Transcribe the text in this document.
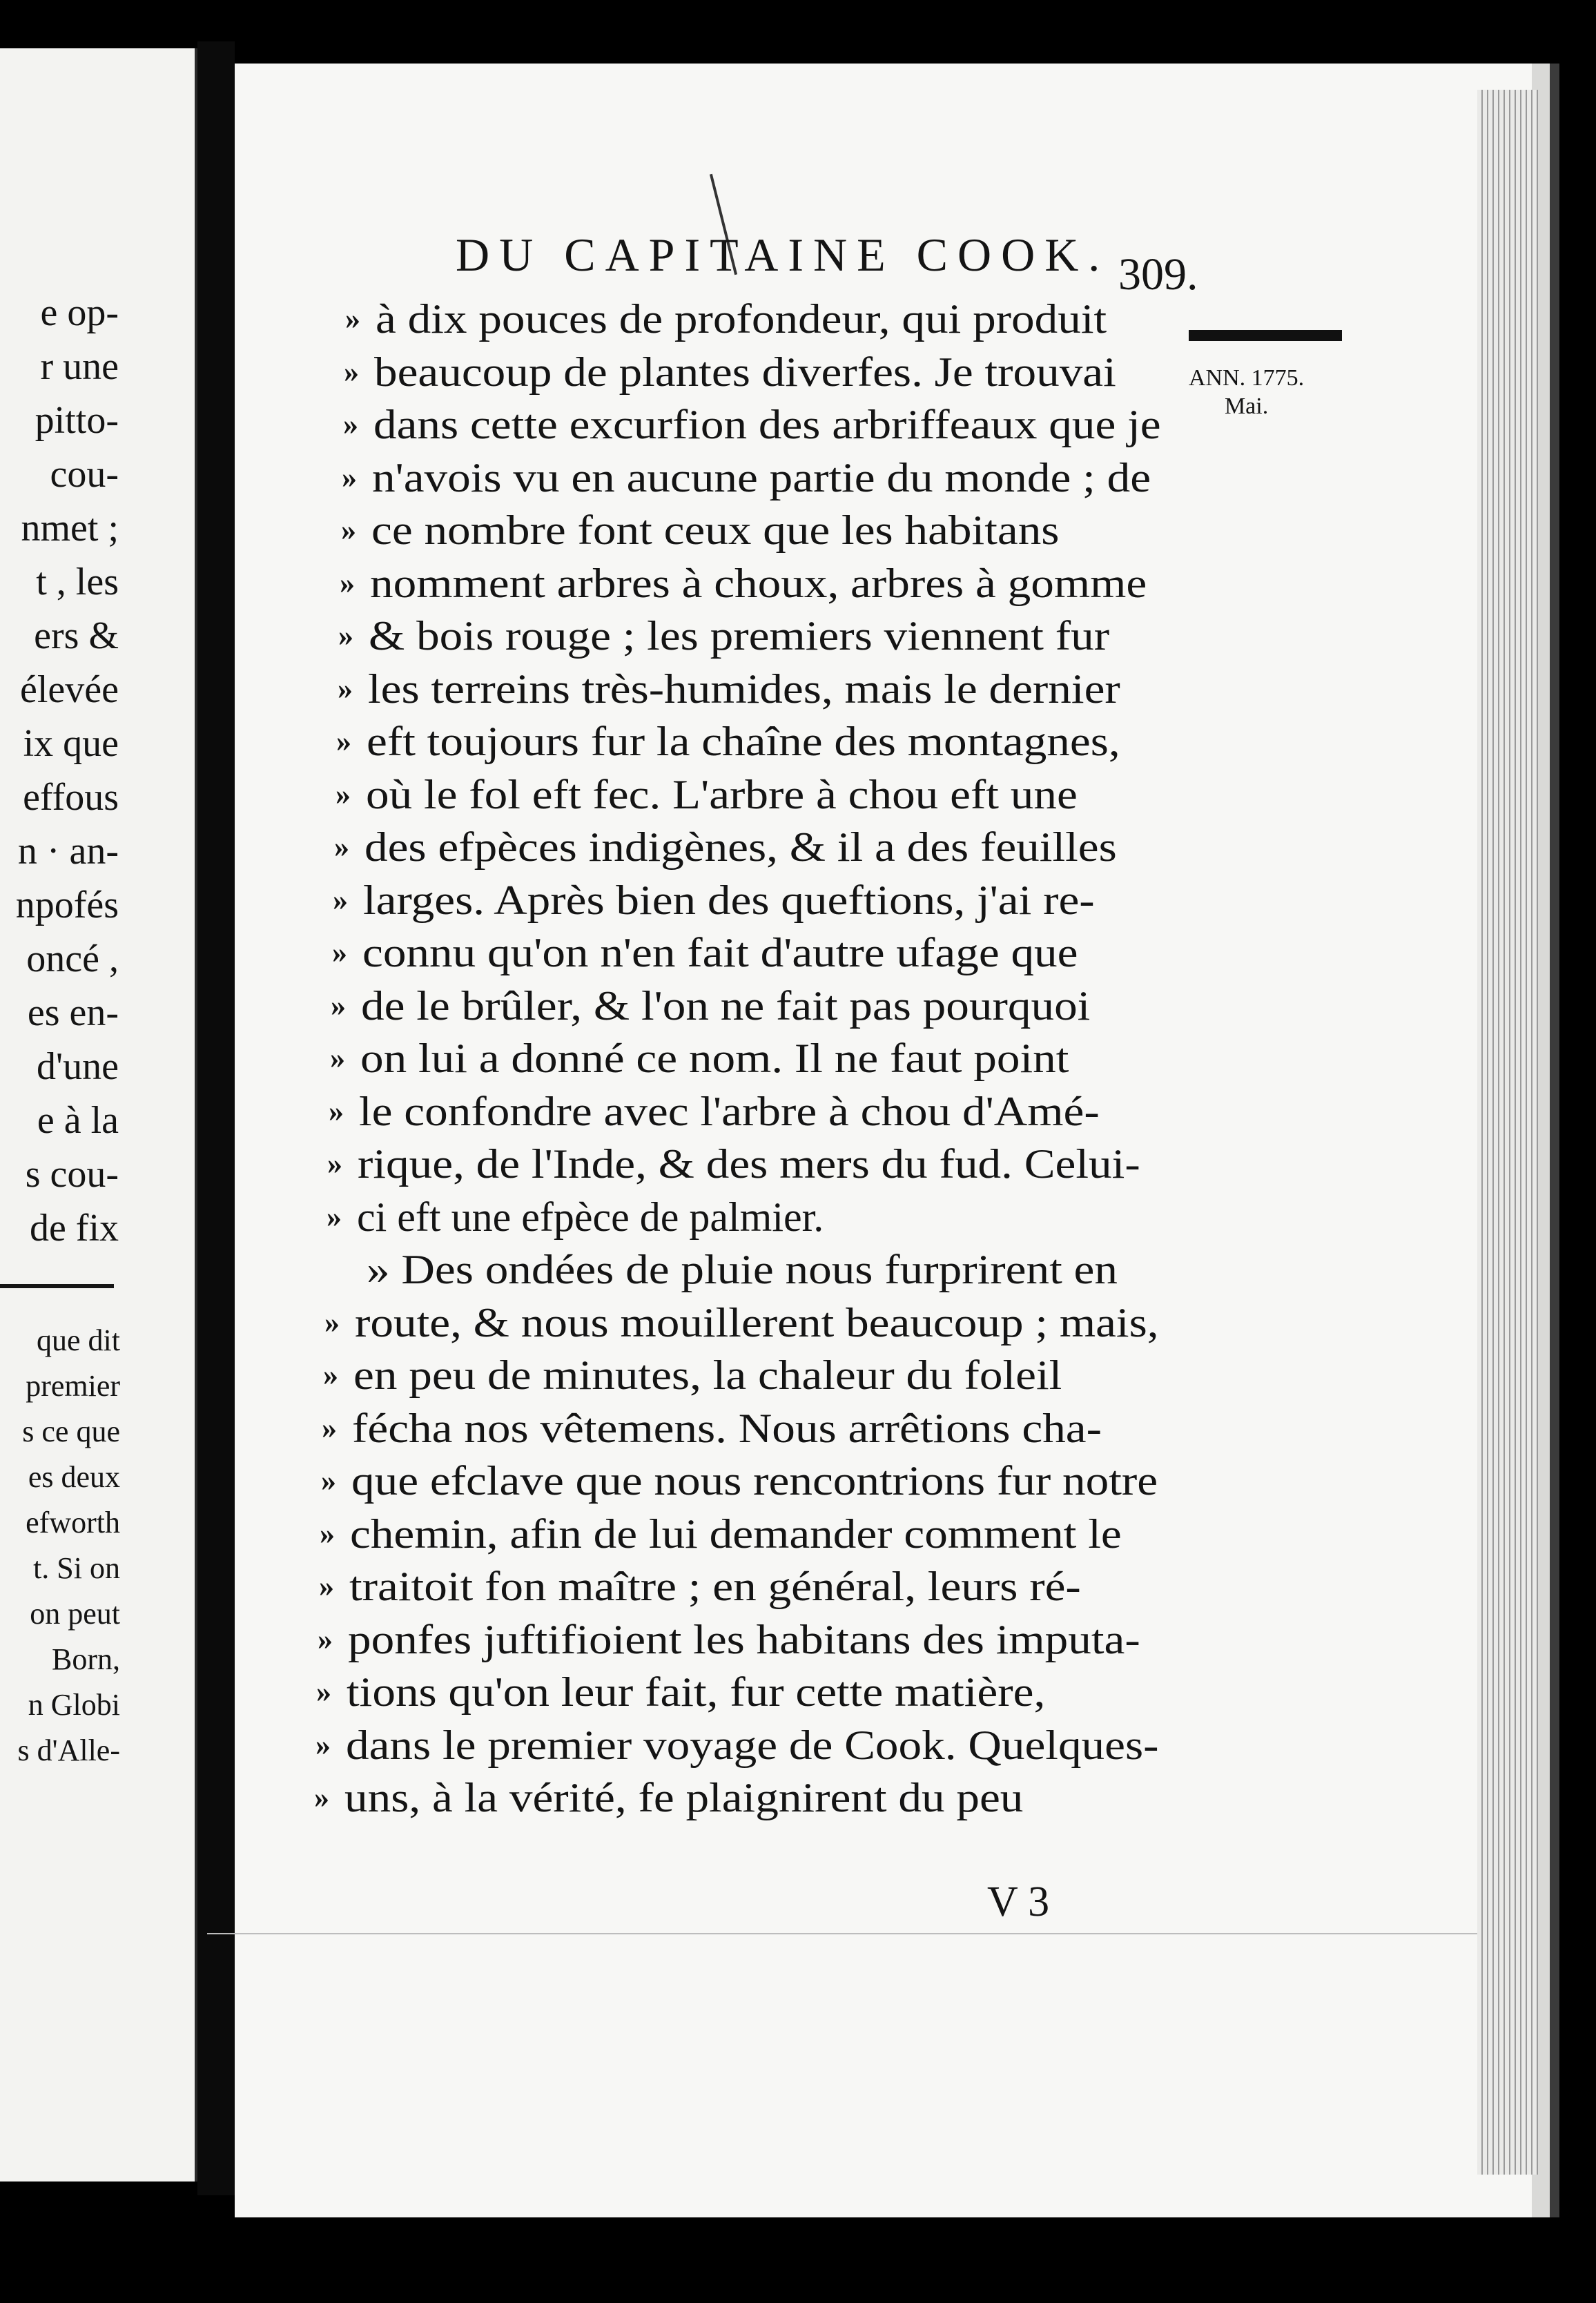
e op-
r une
pitto-
cou-
nmet ;
t , les
ers &
élevée
ix que
effous
n · an-
npofés
oncé ,
es en-
d'une
e à la
s cou-
de fix
que dit
premier
s ce que
es deux
efworth
t. Si on
on peut
Born,
n Globi
s d'Alle-
DU CAPITAINE COOK. 309.
ANN. 1775.
Mai.
» à dix pouces de profondeur, qui produit
» beaucoup de plantes diverfes. Je trouvai
» dans cette excurfion des arbriffeaux que je
» n'avois vu en aucune partie du monde ; de
» ce nombre font ceux que les habitans
» nomment arbres à choux, arbres à gomme
» & bois rouge ; les premiers viennent fur
» les terreins très-humides, mais le dernier
» eft toujours fur la chaîne des montagnes,
» où le fol eft fec. L'arbre à chou eft une
» des efpèces indigènes, & il a des feuilles
» larges. Après bien des queftions, j'ai re-
» connu qu'on n'en fait d'autre ufage que
» de le brûler, & l'on ne fait pas pourquoi
» on lui a donné ce nom. Il ne faut point
» le confondre avec l'arbre à chou d'Amé-
» rique, de l'Inde, & des mers du fud. Celui-
» ci eft une efpèce de palmier.
» Des ondées de pluie nous furprirent en
» route, & nous mouillerent beaucoup ; mais,
» en peu de minutes, la chaleur du foleil
» fécha nos vêtemens. Nous arrêtions cha-
» que efclave que nous rencontrions fur notre
» chemin, afin de lui demander comment le
» traitoit fon maître ; en général, leurs ré-
» ponfes juftifioient les habitans des imputa-
» tions qu'on leur fait, fur cette matière,
» dans le premier voyage de Cook. Quelques-
» uns, à la vérité, fe plaignirent du peu
V 3
